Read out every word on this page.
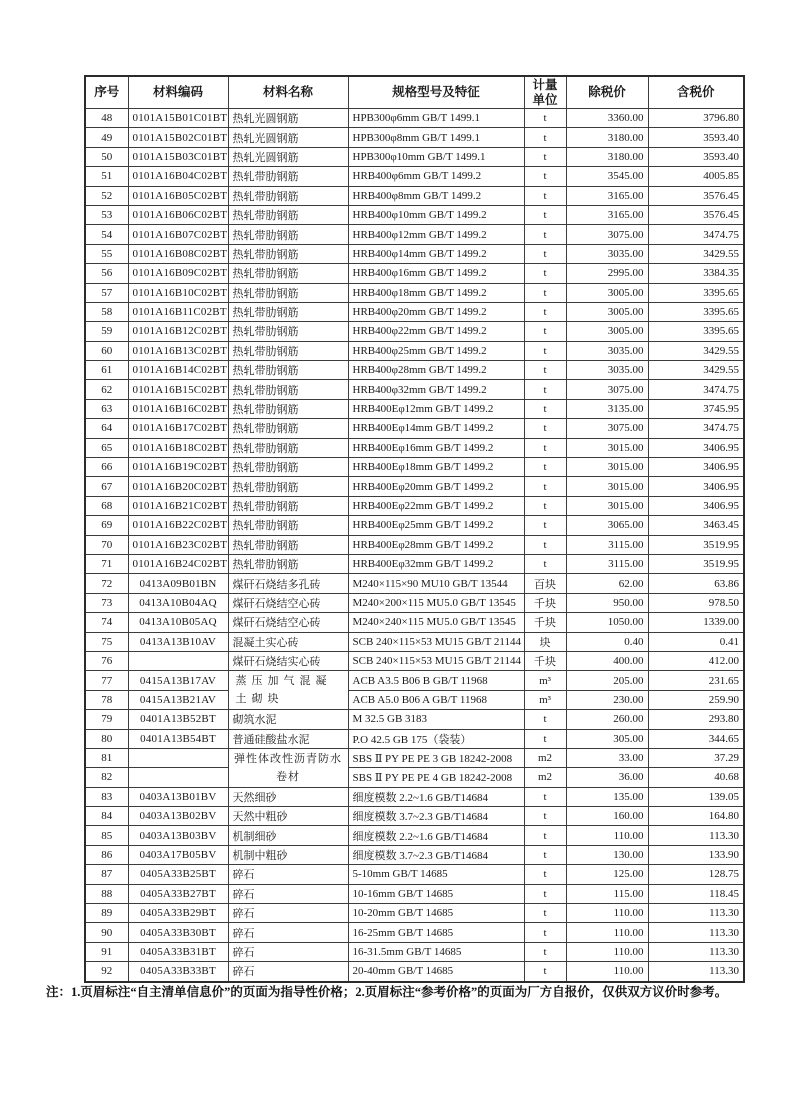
序号	材料编码	材料名称	规格型号及特征	计量单位	除税价	含税价
48	0101A15B01C01BT	热轧光圆钢筋	HPB300φ6mm GB/T 1499.1	t	3360.00	3796.80
49	0101A15B02C01BT	热轧光圆钢筋	HPB300φ8mm GB/T 1499.1	t	3180.00	3593.40
50	0101A15B03C01BT	热轧光圆钢筋	HPB300φ10mm GB/T 1499.1	t	3180.00	3593.40
51	0101A16B04C02BT	热轧带肋钢筋	HRB400φ6mm GB/T 1499.2	t	3545.00	4005.85
52	0101A16B05C02BT	热轧带肋钢筋	HRB400φ8mm GB/T 1499.2	t	3165.00	3576.45
53	0101A16B06C02BT	热轧带肋钢筋	HRB400φ10mm GB/T 1499.2	t	3165.00	3576.45
54	0101A16B07C02BT	热轧带肋钢筋	HRB400φ12mm GB/T 1499.2	t	3075.00	3474.75
55	0101A16B08C02BT	热轧带肋钢筋	HRB400φ14mm GB/T 1499.2	t	3035.00	3429.55
56	0101A16B09C02BT	热轧带肋钢筋	HRB400φ16mm GB/T 1499.2	t	2995.00	3384.35
57	0101A16B10C02BT	热轧带肋钢筋	HRB400φ18mm GB/T 1499.2	t	3005.00	3395.65
58	0101A16B11C02BT	热轧带肋钢筋	HRB400φ20mm GB/T 1499.2	t	3005.00	3395.65
59	0101A16B12C02BT	热轧带肋钢筋	HRB400φ22mm GB/T 1499.2	t	3005.00	3395.65
60	0101A16B13C02BT	热轧带肋钢筋	HRB400φ25mm GB/T 1499.2	t	3035.00	3429.55
61	0101A16B14C02BT	热轧带肋钢筋	HRB400φ28mm GB/T 1499.2	t	3035.00	3429.55
62	0101A16B15C02BT	热轧带肋钢筋	HRB400φ32mm GB/T 1499.2	t	3075.00	3474.75
63	0101A16B16C02BT	热轧带肋钢筋	HRB400Eφ12mm GB/T 1499.2	t	3135.00	3745.95
64	0101A16B17C02BT	热轧带肋钢筋	HRB400Eφ14mm GB/T 1499.2	t	3075.00	3474.75
65	0101A16B18C02BT	热轧带肋钢筋	HRB400Eφ16mm GB/T 1499.2	t	3015.00	3406.95
66	0101A16B19C02BT	热轧带肋钢筋	HRB400Eφ18mm GB/T 1499.2	t	3015.00	3406.95
67	0101A16B20C02BT	热轧带肋钢筋	HRB400Eφ20mm GB/T 1499.2	t	3015.00	3406.95
68	0101A16B21C02BT	热轧带肋钢筋	HRB400Eφ22mm GB/T 1499.2	t	3015.00	3406.95
69	0101A16B22C02BT	热轧带肋钢筋	HRB400Eφ25mm GB/T 1499.2	t	3065.00	3463.45
70	0101A16B23C02BT	热轧带肋钢筋	HRB400Eφ28mm GB/T 1499.2	t	3115.00	3519.95
71	0101A16B24C02BT	热轧带肋钢筋	HRB400Eφ32mm GB/T 1499.2	t	3115.00	3519.95
72	0413A09B01BN	煤矸石烧结多孔砖	M240×115×90 MU10 GB/T 13544	百块	62.00	63.86
73	0413A10B04AQ	煤矸石烧结空心砖	M240×200×115 MU5.0 GB/T 13545	千块	950.00	978.50
74	0413A10B05AQ	煤矸石烧结空心砖	M240×240×115 MU5.0 GB/T 13545	千块	1050.00	1339.00
75	0413A13B10AV	混凝土实心砖	SCB 240×115×53 MU15 GB/T 21144	块	0.40	0.41
76		煤矸石烧结实心砖	SCB 240×115×53 MU15 GB/T 21144	千块	400.00	412.00
77	0415A13B17AV	蒸压加气混凝土砌块	ACB A3.5 B06 B GB/T 11968	m³	205.00	231.65
78	0415A13B21AV		ACB A5.0 B06 A GB/T 11968	m³	230.00	259.90
79	0401A13B52BT	砌筑水泥	M 32.5 GB 3183	t	260.00	293.80
80	0401A13B54BT	普通硅酸盐水泥	P.O 42.5 GB 175（袋装）	t	305.00	344.65
81		弹性体改性沥青防水卷材	SBS Ⅱ PY PE PE 3 GB 18242-2008	m2	33.00	37.29
82			SBS Ⅱ PY PE PE 4 GB 18242-2008	m2	36.00	40.68
83	0403A13B01BV	天然细砂	细度模数 2.2~1.6 GB/T14684	t	135.00	139.05
84	0403A13B02BV	天然中粗砂	细度模数 3.7~2.3 GB/T14684	t	160.00	164.80
85	0403A13B03BV	机制细砂	细度模数 2.2~1.6 GB/T14684	t	110.00	113.30
86	0403A17B05BV	机制中粗砂	细度模数 3.7~2.3 GB/T14684	t	130.00	133.90
87	0405A33B25BT	碎石	5-10mm GB/T 14685	t	125.00	128.75
88	0405A33B27BT	碎石	10-16mm GB/T 14685	t	115.00	118.45
89	0405A33B29BT	碎石	10-20mm GB/T 14685	t	110.00	113.30
90	0405A33B30BT	碎石	16-25mm GB/T 14685	t	110.00	113.30
91	0405A33B31BT	碎石	16-31.5mm GB/T 14685	t	110.00	113.30
92	0405A33B33BT	碎石	20-40mm GB/T 14685	t	110.00	113.30
注：1.页眉标注“自主清单信息价”的页面为指导性价格；2.页眉标注“参考价格”的页面为厂方自报价，仅供双方议价时参考。
